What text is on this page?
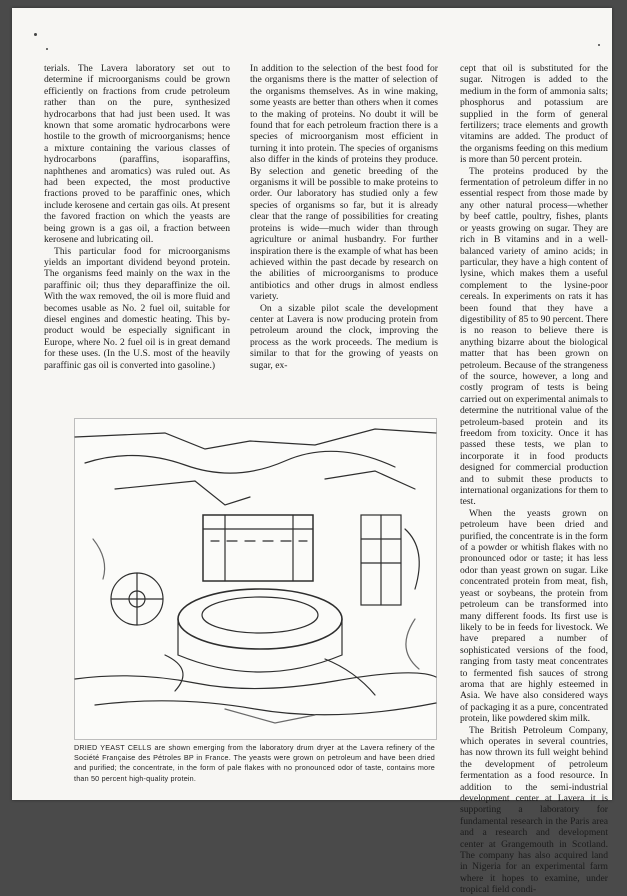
terials. The Lavera laboratory set out to determine if microorganisms could be grown efficiently on fractions from crude petroleum rather than on the pure, synthesized hydrocarbons that had just been used. It was known that some aromatic hydrocarbons were hostile to the growth of microorganisms; hence a mixture containing the various classes of hydrocarbons (paraffins, isoparaffins, naphthenes and aromatics) was ruled out. As had been expected, the most productive fractions proved to be paraffinic ones, which include kerosene and certain gas oils. At present the favored fraction on which the yeasts are being grown is a gas oil, a fraction between kerosene and lubricating oil.

This particular food for microorganisms yields an important dividend beyond protein. The organisms feed mainly on the wax in the paraffinic oil; thus they deparaffinize the oil. With the wax removed, the oil is more fluid and becomes usable as No. 2 fuel oil, suitable for diesel engines and domestic heating. This by-product would be especially significant in Europe, where No. 2 fuel oil is in great demand for these uses. (In the U.S. most of the heavily paraffinic gas oil is converted into gasoline.)

In addition to the selection of the best food for the organisms there is the matter of selection of the organisms themselves. As in wine making, some yeasts are better than others when it comes to the making of proteins. No doubt it will be found that for each petroleum fraction there is a species of microorganism most efficient in turning it into protein. The species of organisms also differ in the kinds of proteins they produce. By selection and genetic breeding of the organisms it will be possible to make proteins to order. Our laboratory has studied only a few species of organisms so far, but it is already clear that the range of possibilities for creating proteins is wide—much wider than through agriculture or animal husbandry. For further inspiration there is the example of what has been achieved within the past decade by research on the abilities of microorganisms to produce antibiotics and other drugs in almost endless variety.

On a sizable pilot scale the development center at Lavera is now producing protein from petroleum around the clock, improving the process as the work proceeds. The medium is similar to that for the growing of yeasts on sugar, ex-

cept that oil is substituted for the sugar. Nitrogen is added to the medium in the form of ammonia salts; phosphorus and potassium are supplied in the form of general fertilizers; trace elements and growth vitamins are added. The product of the organisms feeding on this medium is more than 50 percent protein.

The proteins produced by the fermentation of petroleum differ in no essential respect from those made by any other natural process—whether by beef cattle, poultry, fishes, plants or yeasts growing on sugar. They are rich in B vitamins and in a well-balanced variety of amino acids; in particular, they have a high content of lysine, which makes them a useful complement to the lysine-poor cereals. In experiments on rats it has been found that they have a digestibility of 85 to 90 percent. There is no reason to believe there is anything bizarre about the biological matter that has been grown on petroleum. Because of the strangeness of the source, however, a long and costly program of tests is being carried out on experimental animals to determine the nutritional value of the petroleum-based protein and its freedom from toxicity. Once it has passed these tests, we plan to incorporate it in food products designed for commercial production and to submit these products to international organizations for them to test.

When the yeasts grown on petroleum have been dried and purified, the concentrate is in the form of a powder or whitish flakes with no pronounced odor or taste; it has less odor than yeast grown on sugar. Like concentrated protein from meat, fish, yeast or soybeans, the protein from petroleum can be transformed into many different foods. Its first use is likely to be in feeds for livestock. We have prepared a number of sophisticated versions of the food, ranging from tasty meat concentrates to fermented fish sauces of strong aroma that are highly esteemed in Asia. We have also considered ways of packaging it as a pure, concentrated protein, like powdered skim milk.

The British Petroleum Company, which operates in several countries, has now thrown its full weight behind the development of petroleum fermentation as a food resource. In addition to the semi-industrial development center at Lavera it is supporting a laboratory for fundamental research in the Paris area and a research and development center at Grangemouth in Scotland. The company has also acquired land in Nigeria for an experimental farm where it hopes to examine, under tropical field condi-

DRIED YEAST CELLS are shown emerging from the laboratory drum dryer at the Lavera refinery of the Société Française des Pétroles BP in France. The yeasts were grown on petroleum and have been dried and purified; the concentrate, in the form of pale flakes with no pronounced odor of taste, contains more than 50 percent high-quality protein.
